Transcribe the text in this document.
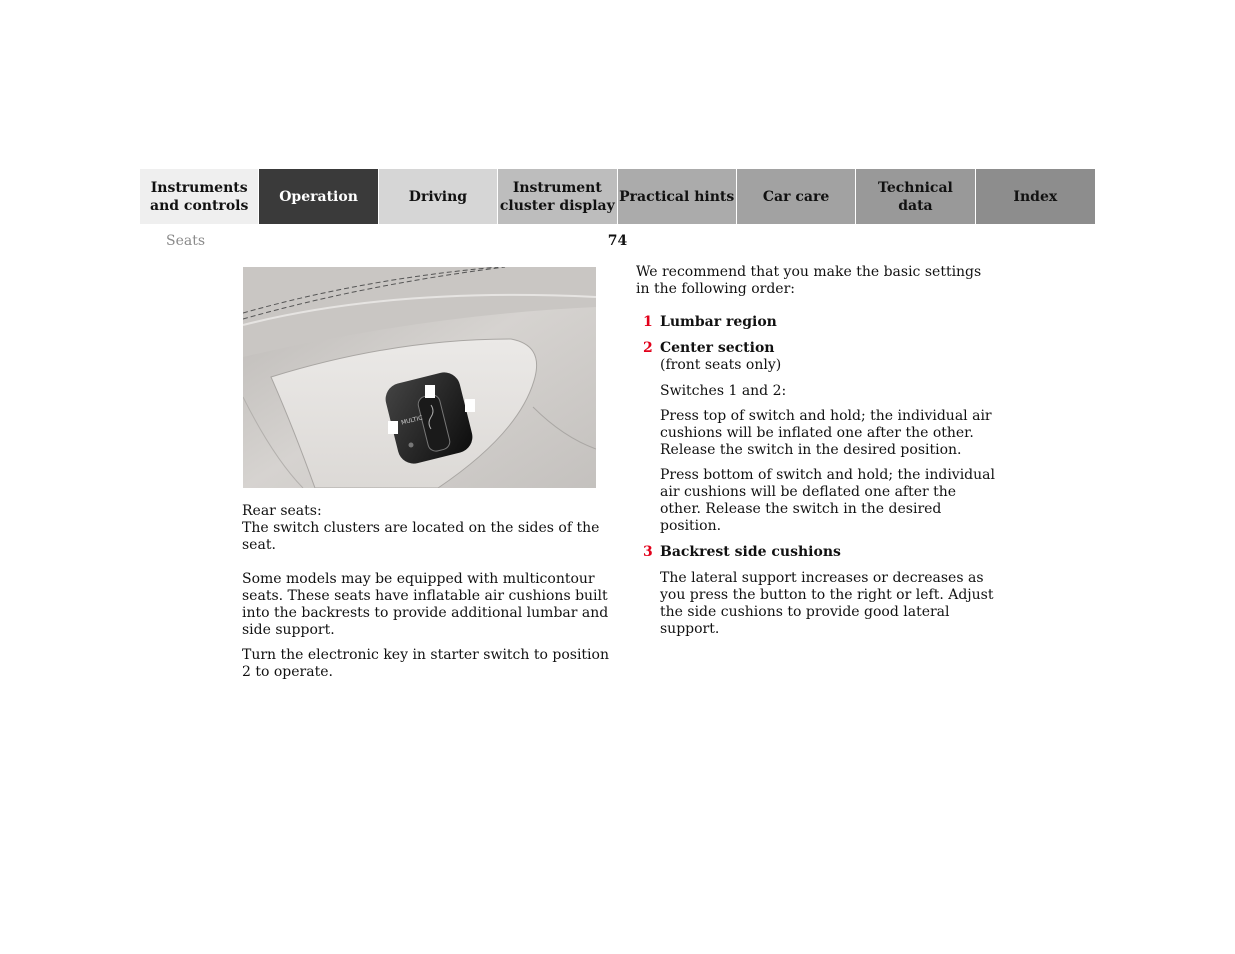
Instruments
and controls
Operation	Driving
Instrument
cluster display
Practical hints Car care
Technical
data
Index
Seats	74
MULTIC

Rear seats:

The switch clusters are located on the sides of the seat.

Some models may be equipped with multicontour seats. These seats have inflatable air cushions built into the backrests to provide additional lumbar and side support.

Turn the electronic key in starter switch to position 2 to operate.

We recommend that you make the basic settings in the following order:

1 Lumbar region
2 Center section
(front seats only)

Switches 1 and 2:

Press top of switch and hold; the individual air cushions will be inflated one after the other. Release the switch in the desired position.

Press bottom of switch and hold; the individual air cushions will be deflated one after the other. Release the switch in the desired position.

3 Backrest side cushions

The lateral support increases or decreases as you press the button to the right or left. Adjust the side cushions to provide good lateral support.
